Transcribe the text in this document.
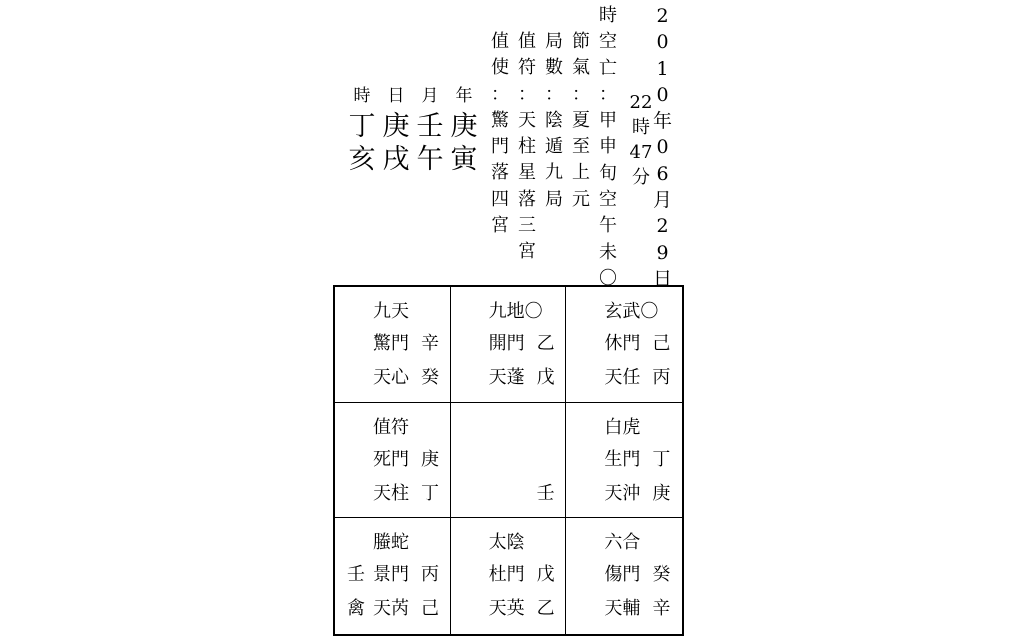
2
0
1
0
年
0
6
月
2
9
日
22
時
47
分
時
空
亡
：
甲
申
旬
空
午
未
〇
節
氣
：
夏
至
上
元
局
數
：
陰
遁
九
局
值
符
：
天
柱
星
落
三
宮
值
使
：
驚
門
落
四
宮
年
庚
寅
月
壬
午
日
庚
戌
時
丁
亥
九天
驚門 辛
天心 癸
九地〇
開門 乙
天蓬 戊
玄武〇
休門 己
天任 丙
值符
死門 庚
天柱 丁	壬
白虎
生門 丁
天沖 庚
螣蛇
景門 丙
天芮 己
壬
禽
太陰
杜門 戊
天英 乙
六合
傷門 癸
天輔 辛
